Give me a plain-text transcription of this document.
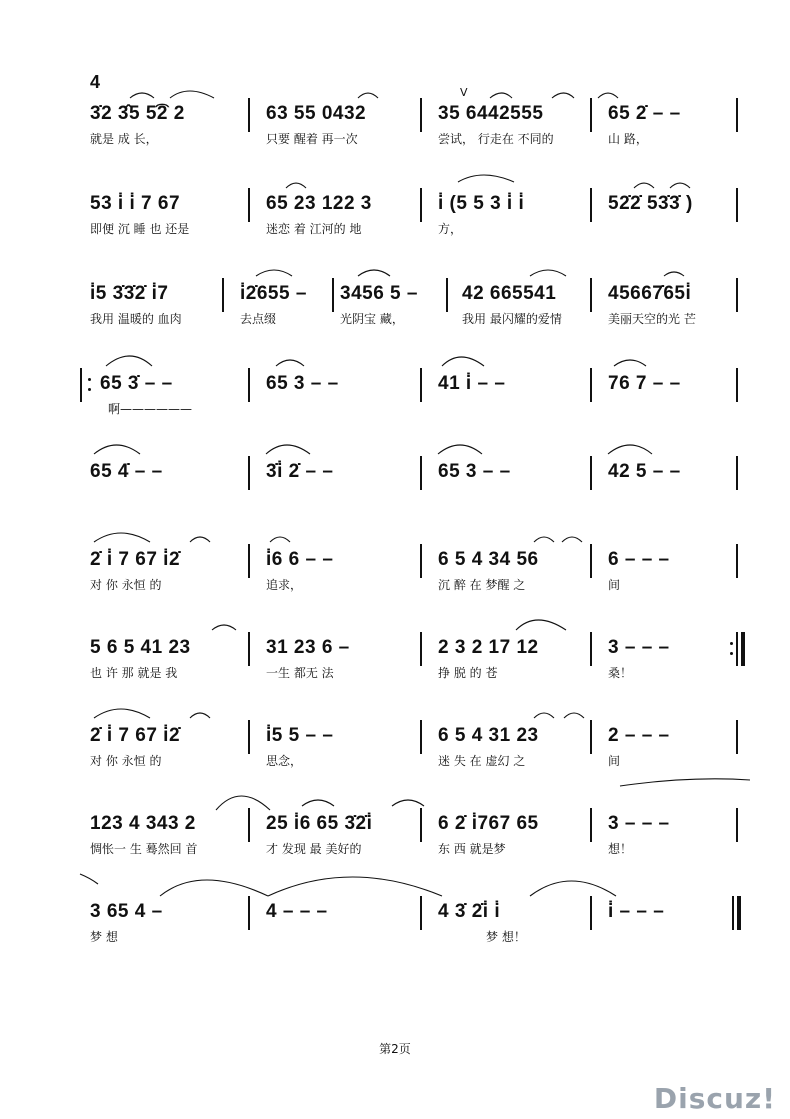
4
V
3̇2 3̂5 5͡2 2
就是 成 长，
63 55 0432
只要 醒着 再一次
35 6442555
尝试， 行走在 不同的
65 2̇ – –
山 路，
53 i̇ i̇ 7 67
即便 沉 睡 也 还是
65 23 122 3
迷恋 着 江河的 地
i̇ (5 5 3 i̇ i̇
方，
52̇2̇ 53̇3̇ )
i̇5 3̇3̇2̇ i̇7
我用 温暖的 血肉
i̇2̇655 –
去点缀
3456 5 –
光阴宝 藏，
42 665541
我用 最闪耀的爱情
45667̇65i̇
美丽天空的光 芒
65 3̇ – –
啊——————
65 3 – –	41 i̇ – –	76 7 – –
65 4̇ – –	3̇i̇ 2̇ – –	65 3 – –	42 5 – –
2̇ i̇ 7 67 i̇2̇
对 你 永恒 的
i̇6 6 – –
追求，
6 5 4 34 56
沉 醉 在 梦醒 之
6 – – –
间
5 6 5 41 23
也 许 那 就是 我
31 23 6 –
一生 都无 法
2 3 2 17 12
挣 脱 的 苍
3 – – –
桑！
2̇ i̇ 7 67 i̇2̇
对 你 永恒 的
i̇5 5 – –
思念，
6 5 4 31 23
迷 失 在 虚幻 之
2 – – –
间
123 4 343 2
惆怅一 生 蓦然回 首
25 i̇6 65 3̇2̇i̇
才 发现 最 美好的
6 2̇ i̇767 65
东 西 就是梦
3 – – –
想！
3 65 4 –
梦 想
4 – – –	4 3̇ 2̇i̇ i̇
梦 想！
i̇ – – –
第2页
Discuz!
